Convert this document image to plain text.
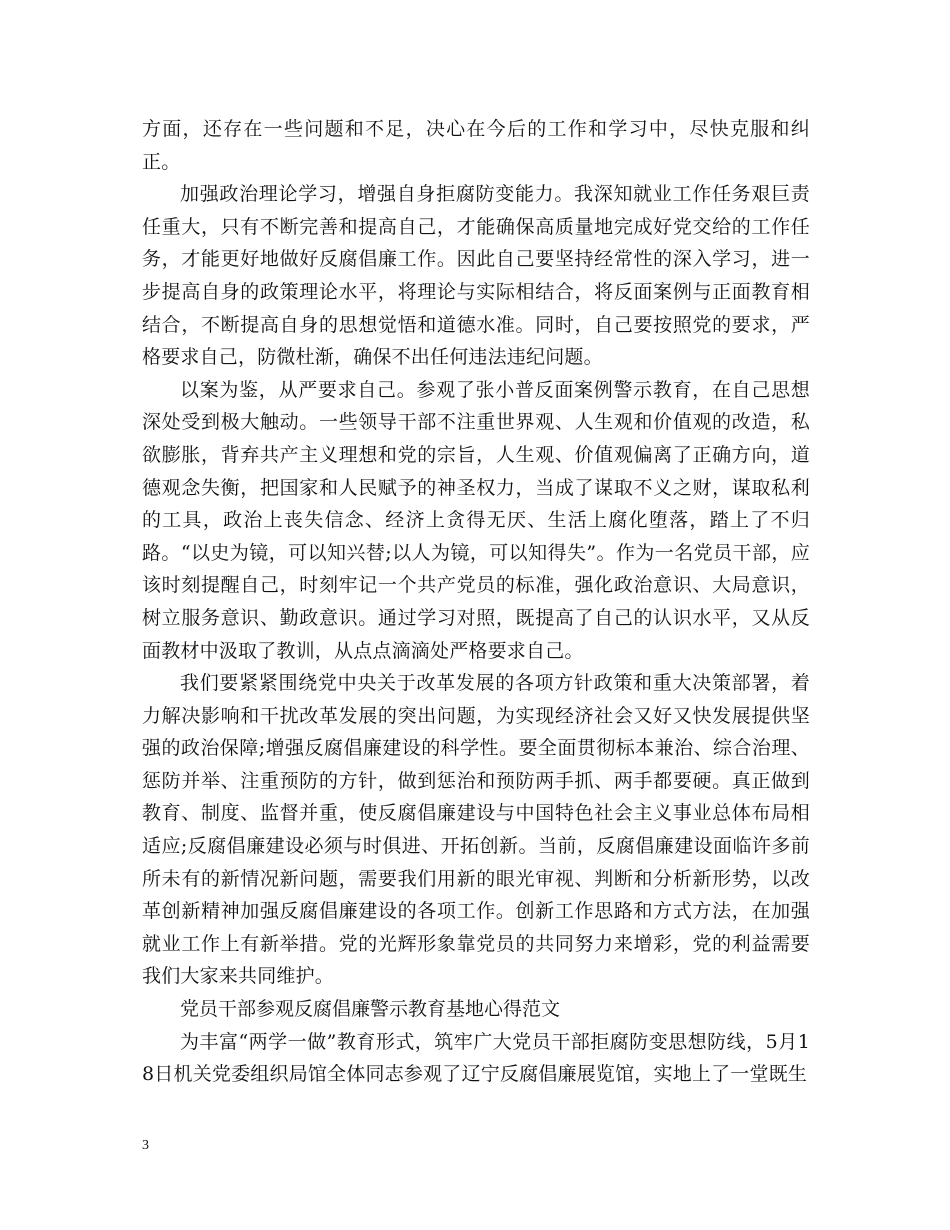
方面，还存在一些问题和不足，决心在今后的工作和学习中，尽快克服和纠正。

加强政治理论学习，增强自身拒腐防变能力。我深知就业工作任务艰巨责任重大，只有不断完善和提高自己，才能确保高质量地完成好党交给的工作任务，才能更好地做好反腐倡廉工作。因此自己要坚持经常性的深入学习，进一步提高自身的政策理论水平，将理论与实际相结合，将反面案例与正面教育相结合，不断提高自身的思想觉悟和道德水准。同时，自己要按照党的要求，严格要求自己，防微杜渐，确保不出任何违法违纪问题。

以案为鉴，从严要求自己。参观了张小普反面案例警示教育，在自己思想深处受到极大触动。一些领导干部不注重世界观、人生观和价值观的改造，私欲膨胀，背弃共产主义理想和党的宗旨，人生观、价值观偏离了正确方向，道德观念失衡，把国家和人民赋予的神圣权力，当成了谋取不义之财，谋取私利的工具，政治上丧失信念、经济上贪得无厌、生活上腐化堕落，踏上了不归路。“以史为镜，可以知兴替;以人为镜，可以知得失”。作为一名党员干部，应该时刻提醒自己，时刻牢记一个共产党员的标准，强化政治意识、大局意识，树立服务意识、勤政意识。通过学习对照，既提高了自己的认识水平，又从反面教材中汲取了教训，从点点滴滴处严格要求自己。

我们要紧紧围绕党中央关于改革发展的各项方针政策和重大决策部署，着力解决影响和干扰改革发展的突出问题，为实现经济社会又好又快发展提供坚强的政治保障;增强反腐倡廉建设的科学性。要全面贯彻标本兼治、综合治理、惩防并举、注重预防的方针，做到惩治和预防两手抓、两手都要硬。真正做到教育、制度、监督并重，使反腐倡廉建设与中国特色社会主义事业总体布局相适应;反腐倡廉建设必须与时俱进、开拓创新。当前，反腐倡廉建设面临许多前所未有的新情况新问题，需要我们用新的眼光审视、判断和分析新形势，以改革创新精神加强反腐倡廉建设的各项工作。创新工作思路和方式方法，在加强就业工作上有新举措。党的光辉形象靠党员的共同努力来增彩，党的利益需要我们大家来共同维护。

党员干部参观反腐倡廉警示教育基地心得范文

为丰富“两学一做”教育形式，筑牢广大党员干部拒腐防变思想防线，5月18日机关党委组织局馆全体同志参观了辽宁反腐倡廉展览馆，实地上了一堂既生

3
